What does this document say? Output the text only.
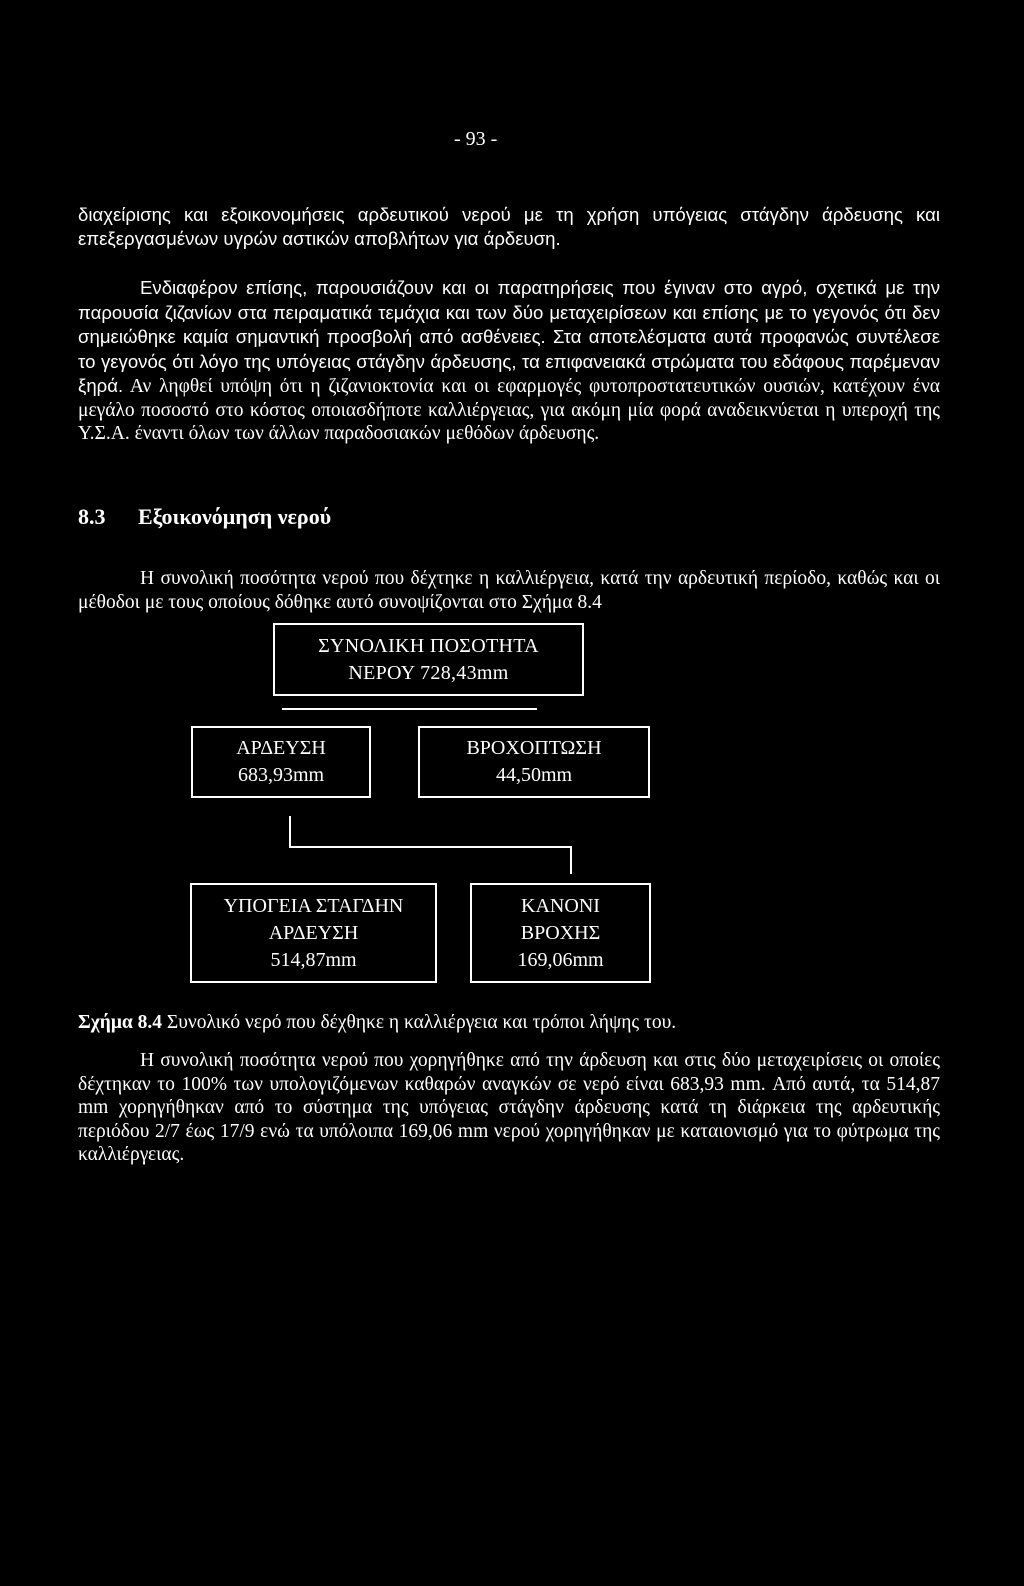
- 93 -

διαχείρισης και εξοικονομήσεις αρδευτικού νερού με τη χρήση υπόγειας στάγδην άρδευσης και επεξεργασμένων υγρών αστικών αποβλήτων για άρδευση.

Ενδιαφέρον επίσης, παρουσιάζουν και οι παρατηρήσεις που έγιναν στο αγρό, σχετικά με την παρουσία ζιζανίων στα πειραματικά τεμάχια και των δύο μεταχειρίσεων και επίσης με το γεγονός ότι δεν σημειώθηκε καμία σημαντική προσβολή από ασθένειες. Στα αποτελέσματα αυτά προφανώς συντέλεσε το γεγονός ότι λόγο της υπόγειας στάγδην άρδευσης, τα επιφανειακά στρώματα του εδάφους παρέμεναν ξηρά. Αν ληφθεί υπόψη ότι η ζιζανιοκτονία και οι εφαρμογές φυτοπροστατευτικών ουσιών, κατέχουν ένα μεγάλο ποσοστό στο κόστος οποιασδήποτε καλλιέργειας, για ακόμη μία φορά αναδεικνύεται η υπεροχή της Υ.Σ.Α. έναντι όλων των άλλων παραδοσιακών μεθόδων άρδευσης.

8.3 Εξοικονόμηση νερού

Η συνολική ποσότητα νερού που δέχτηκε η καλλιέργεια, κατά την αρδευτική περίοδο, καθώς και οι μέθοδοι με τους οποίους δόθηκε αυτό συνοψίζονται στο Σχήμα 8.4

ΣΥΝΟΛΙΚΗ ΠΟΣΟΤΗΤΑ
ΝΕΡΟΥ 728,43mm
ΑΡΔΕΥΣΗ
683,93mm
ΒΡΟΧΟΠΤΩΣΗ
44,50mm
ΥΠΟΓΕΙΑ ΣΤΑΓΔΗΝ
ΑΡΔΕΥΣΗ
514,87mm
ΚΑΝΟΝΙ
ΒΡΟΧΗΣ
169,06mm
Σχήμα 8.4 Συνολικό νερό που δέχθηκε η καλλιέργεια και τρόποι λήψης του.

Η συνολική ποσότητα νερού που χορηγήθηκε από την άρδευση και στις δύο μεταχειρίσεις οι οποίες δέχτηκαν το 100% των υπολογιζόμενων καθαρών αναγκών σε νερό είναι 683,93 mm. Από αυτά, τα 514,87 mm χορηγήθηκαν από το σύστημα της υπόγειας στάγδην άρδευσης κατά τη διάρκεια της αρδευτικής περιόδου 2/7 έως 17/9 ενώ τα υπόλοιπα 169,06 mm νερού χορηγήθηκαν με καταιονισμό για το φύτρωμα της καλλιέργειας.
